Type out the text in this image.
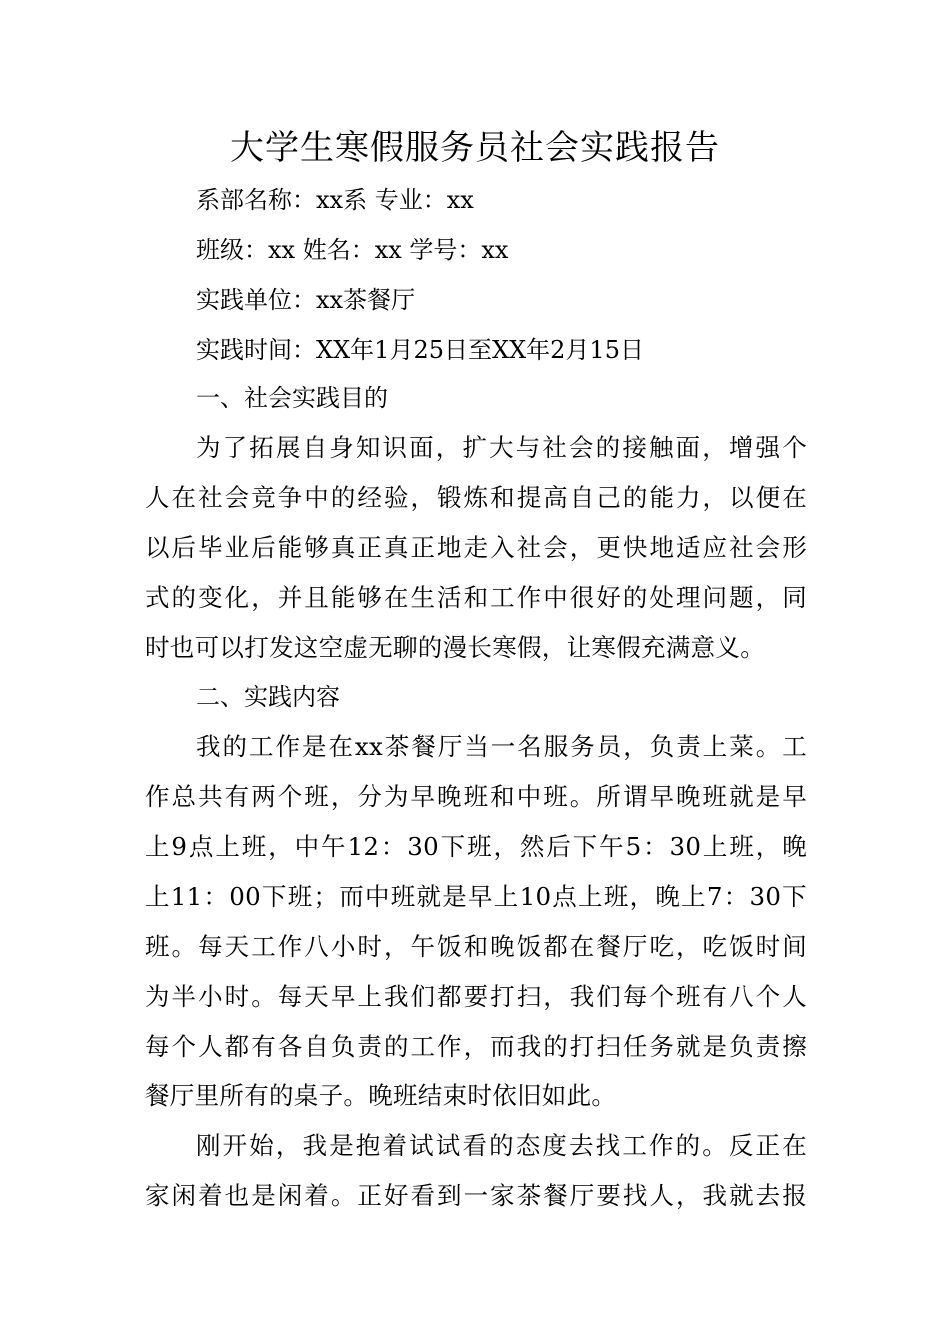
大学生寒假服务员社会实践报告
系部名称：xx系 专业：xx
班级：xx 姓名：xx 学号：xx
实践单位：xx茶餐厅
实践时间：XX年1月25日至XX年2月15日
一、社会实践目的
为了拓展自身知识面，扩大与社会的接触面，增强个
人在社会竞争中的经验，锻炼和提高自己的能力，以便在
以后毕业后能够真正真正地走入社会，更快地适应社会形
式的变化，并且能够在生活和工作中很好的处理问题，同
时也可以打发这空虚无聊的漫长寒假，让寒假充满意义。
二、实践内容
我的工作是在xx茶餐厅当一名服务员，负责上菜。工
作总共有两个班，分为早晚班和中班。所谓早晚班就是早
上9点上班，中午12：30下班，然后下午5：30上班，晚
上11：00下班；而中班就是早上10点上班，晚上7：30下
班。每天工作八小时，午饭和晚饭都在餐厅吃，吃饭时间
为半小时。每天早上我们都要打扫，我们每个班有八个人
每个人都有各自负责的工作，而我的打扫任务就是负责擦
餐厅里所有的桌子。晚班结束时依旧如此。
刚开始，我是抱着试试看的态度去找工作的。反正在
家闲着也是闲着。正好看到一家茶餐厅要找人，我就去报
